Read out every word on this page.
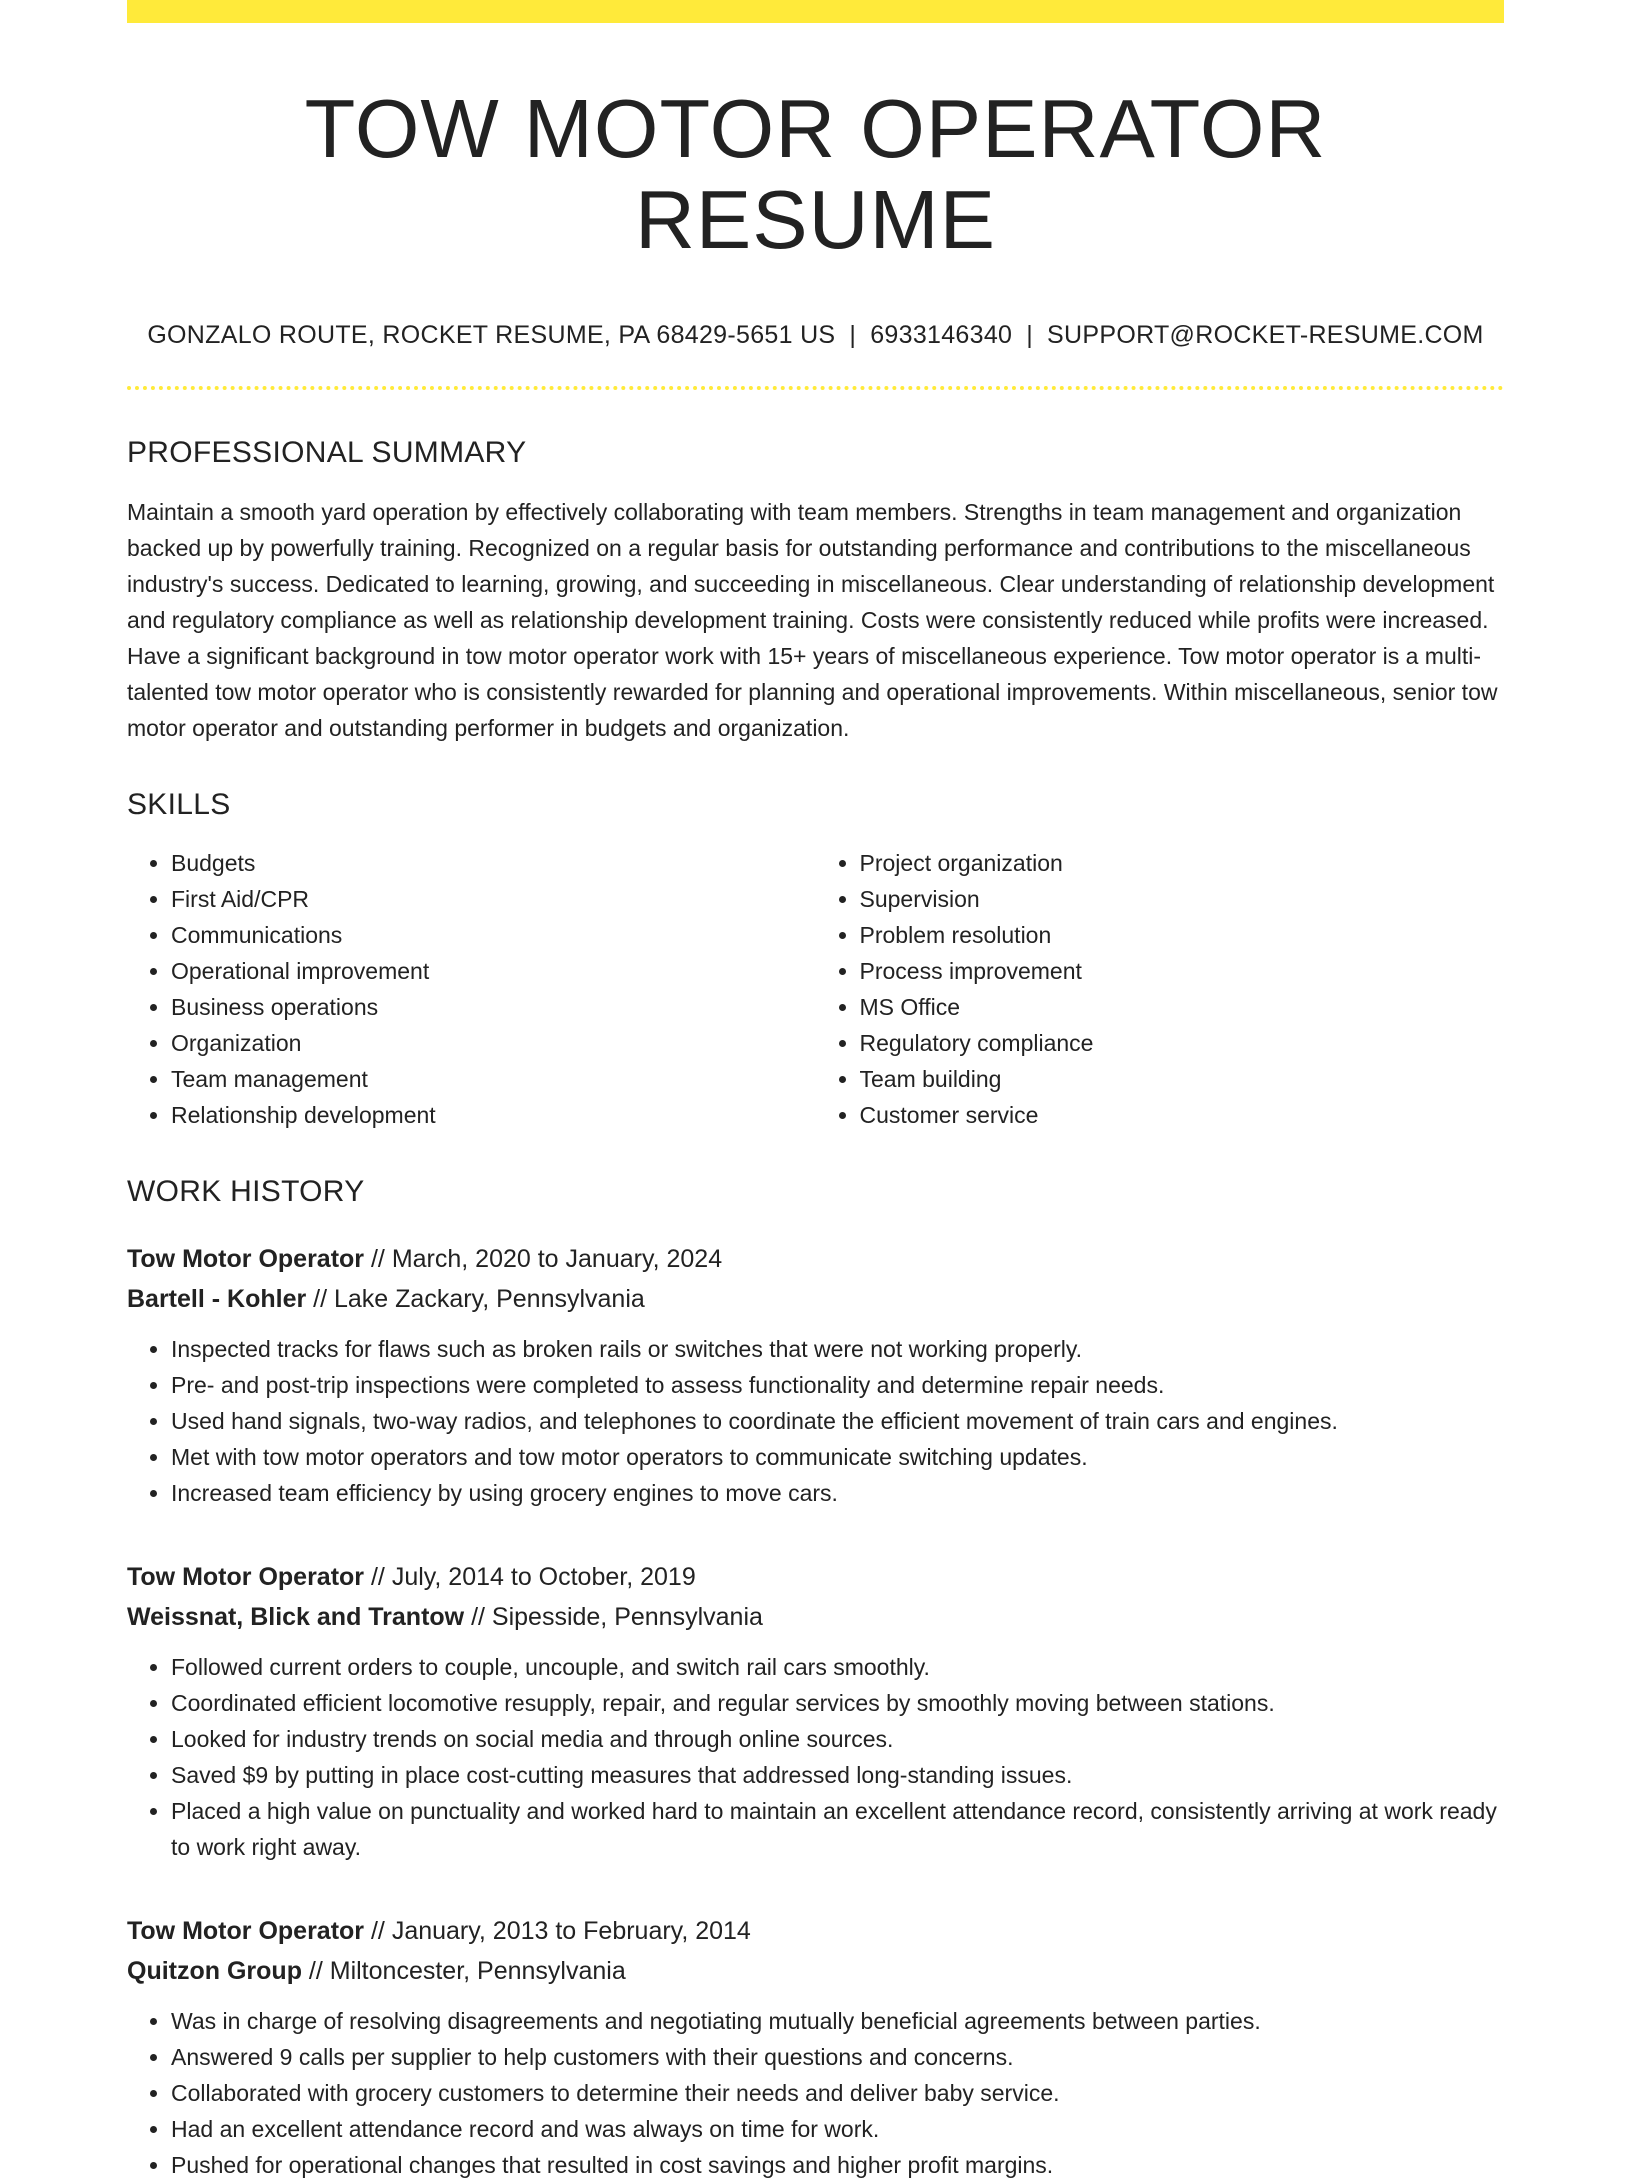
TOW MOTOR OPERATOR RESUME
GONZALO ROUTE, ROCKET RESUME, PA 68429-5651 US | 6933146340 | SUPPORT@ROCKET-RESUME.COM
PROFESSIONAL SUMMARY
Maintain a smooth yard operation by effectively collaborating with team members. Strengths in team management and organization backed up by powerfully training. Recognized on a regular basis for outstanding performance and contributions to the miscellaneous industry's success. Dedicated to learning, growing, and succeeding in miscellaneous. Clear understanding of relationship development and regulatory compliance as well as relationship development training. Costs were consistently reduced while profits were increased. Have a significant background in tow motor operator work with 15+ years of miscellaneous experience. Tow motor operator is a multi-talented tow motor operator who is consistently rewarded for planning and operational improvements. Within miscellaneous, senior tow motor operator and outstanding performer in budgets and organization.
SKILLS
• Budgets
• First Aid/CPR
• Communications
• Operational improvement
• Business operations
• Organization
• Team management
• Relationship development
• Project organization
• Supervision
• Problem resolution
• Process improvement
• MS Office
• Regulatory compliance
• Team building
• Customer service
WORK HISTORY
Tow Motor Operator // March, 2020 to January, 2024
Bartell - Kohler // Lake Zackary, Pennsylvania
• Inspected tracks for flaws such as broken rails or switches that were not working properly.
• Pre- and post-trip inspections were completed to assess functionality and determine repair needs.
• Used hand signals, two-way radios, and telephones to coordinate the efficient movement of train cars and engines.
• Met with tow motor operators and tow motor operators to communicate switching updates.
• Increased team efficiency by using grocery engines to move cars.
Tow Motor Operator // July, 2014 to October, 2019
Weissnat, Blick and Trantow // Sipesside, Pennsylvania
• Followed current orders to couple, uncouple, and switch rail cars smoothly.
• Coordinated efficient locomotive resupply, repair, and regular services by smoothly moving between stations.
• Looked for industry trends on social media and through online sources.
• Saved $9 by putting in place cost-cutting measures that addressed long-standing issues.
• Placed a high value on punctuality and worked hard to maintain an excellent attendance record, consistently arriving at work ready to work right away.
Tow Motor Operator // January, 2013 to February, 2014
Quitzon Group // Miltoncester, Pennsylvania
• Was in charge of resolving disagreements and negotiating mutually beneficial agreements between parties.
• Answered 9 calls per supplier to help customers with their questions and concerns.
• Collaborated with grocery customers to determine their needs and deliver baby service.
• Had an excellent attendance record and was always on time for work.
• Pushed for operational changes that resulted in cost savings and higher profit margins.
